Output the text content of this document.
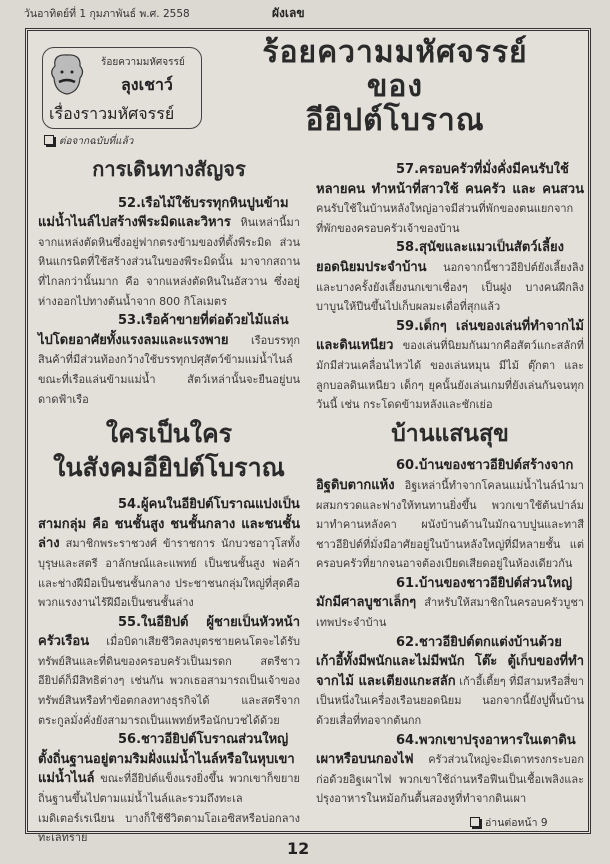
วันอาทิตย์ที่ 1 กุมภาพันธ์ พ.ศ. 2558	ผังเลข
ร้อยความมหัศจรรย์
ลุงเชาว์
เรื่องราวมหัศจรรย์
ต่อจากฉบับที่แล้ว
ร้อยความมหัศจรรย์
ของ
อียิปต์โบราณ
การเดินทางสัญจร

52.เรือไม้ใช้บรรทุกหินปูนข้ามแม่น้ำไนล์ไปสร้างพีระมิดและวิหาร หินเหล่านี้มาจากแหล่งตัดหินซึ่งอยู่ฟากตรงข้ามของที่ตั้งพีระมิด ส่วนหินแกรนิตที่ใช้สร้างส่วนในของพีระมิดนั้น มาจากสถานที่ไกลกว่านั้นมาก คือ จากแหล่งตัดหินในอัสวาน ซึ่งอยู่ห่างออกไปทางต้นน้ำจาก 800 กิโลเมตร

53.เรือค้าขายที่ต่อด้วยไม้แล่นไปโดยอาศัยทั้งแรงลมและแรงพาย เรือบรรทุกสินค้าที่มีส่วนท้องกว้างใช้บรรทุกปศุสัตว์ข้ามแม่น้ำไนล์ ขณะที่เรือแล่นข้ามแม่น้ำ สัตว์เหล่านั้นจะยืนอยู่บนดาดฟ้าเรือ

ใครเป็นใคร
ในสังคมอียิปต์โบราณ

54.ผู้คนในอียิปต์โบราณแบ่งเป็นสามกลุ่ม คือ ชนชั้นสูง ชนชั้นกลาง และชนชั้นล่าง สมาชิกพระราชวงศ์ ข้าราชการ นักบวชอาวุโสทั้งบุรุษและสตรี อาลักษณ์และแพทย์ เป็นชนชั้นสูง พ่อค้าและช่างฝีมือเป็นชนชั้นกลาง ประชาชนกลุ่มใหญ่ที่สุดคือพวกแรงงานไร้ฝีมือเป็นชนชั้นล่าง

55.ในอียิปต์ ผู้ชายเป็นหัวหน้าครัวเรือน เมื่อบิดาเสียชีวิตลงบุตรชายคนโตจะได้รับทรัพย์สินและที่ดินของครอบครัวเป็นมรดก สตรีชาวอียิปต์ก็มีสิทธิต่างๆ เช่นกัน พวกเธอสามารถเป็นเจ้าของทรัพย์สินหรือทำข้อตกลงทางธุรกิจได้ และสตรีจากตระกูลมั่งคั่งยังสามารถเป็นแพทย์หรือนักบวชได้ด้วย

56.ชาวอียิปต์โบราณส่วนใหญ่ตั้งถิ่นฐานอยู่ตามริมฝั่งแม่น้ำไนล์หรือในหุบเขาแม่น้ำไนล์ ขณะที่อียิปต์แข็งแรงยิ่งขึ้น พวกเขาก็ขยายถิ่นฐานขึ้นไปตามแม่น้ำไนล์และรวมถึงทะเลเมดิเตอร์เรเนียน บางก็ใช้ชีวิตตามโอเอซิสหรือบ่อกลางทะเลทราย

57.ครอบครัวที่มั่งคั่งมีคนรับใช้หลายคน ทำหน้าที่สาวใช้ คนครัว และ คนสวน คนรับใช้ในบ้านหลังใหญ่อาจมีส่วนที่พักของตนแยกจากที่พักของครอบครัวเจ้าของบ้าน

58.สุนัขและแมวเป็นสัตว์เลี้ยงยอดนิยมประจำบ้าน นอกจากนี้ชาวอียิปต์ยังเลี้ยงลิง และบางครั้งยังเลี้ยงนกเขาเชื่องๆ เป็นฝูง บางคนฝึกลิงบาบูนให้ปีนขึ้นไปเก็บผลมะเดื่อที่สุกแล้ว

59.เด็กๆ เล่นของเล่นที่ทำจากไม้และดินเหนียว ของเล่นที่นิยมกันมากคือสัตว์แกะสลักที่มักมีส่วนเคลื่อนไหวได้ ของเล่นหมุน มีไม้ ตุ๊กตา และ ลูกบอลดินเหนียว เด็กๆ ยุคนั้นยังเล่นเกมที่ยังเล่นกันจนทุกวันนี้ เช่น กระโดดข้ามหลังและชักเย่อ

บ้านแสนสุข

60.บ้านของชาวอียิปต์สร้างจากอิฐดิบตากแห้ง อิฐเหล่านี้ทำจากโคลนแม่น้ำไนล์นำมาผสมกรวดและฟางให้ทนทานยิ่งขึ้น พวกเขาใช้ต้นปาล์มมาทำคานหลังคา ผนังบ้านด้านในมักฉาบปูนและทาสี ชาวอียิปต์ที่มั่งมีอาศัยอยู่ในบ้านหลังใหญ่ที่มีหลายชั้น แต่ครอบครัวที่ยากจนอาจต้องเบียดเสียดอยู่ในห้องเดียวกัน

61.บ้านของชาวอียิปต์ส่วนใหญ่มักมีศาลบูชาเล็กๆ สำหรับให้สมาชิกในครอบครัวบูชาเทพประจำบ้าน

62.ชาวอียิปต์ตกแต่งบ้านด้วยเก้าอี้ทั้งมีพนักและไม่มีพนัก โต๊ะ ตู้เก็บของที่ทำจากไม้ และเตียงแกะสลัก เก้าอี้เตี้ยๆ ที่มีสามหรือสี่ขาเป็นหนึ่งในเครื่องเรือนยอดนิยม นอกจากนี้ยังปูพื้นบ้านด้วยเสื่อที่ทอจากต้นกก

64.พวกเขาปรุงอาหารในเตาดินเผาหรือบนกองไฟ ครัวส่วนใหญ่จะมีเตาทรงกระบอกก่อด้วยอิฐเผาไฟ พวกเขาใช้ถ่านหรือฟืนเป็นเชื้อเพลิงและปรุงอาหารในหม้อก้นตื้นสองหูที่ทำจากดินเผา

อ่านต่อหน้า 9
12
